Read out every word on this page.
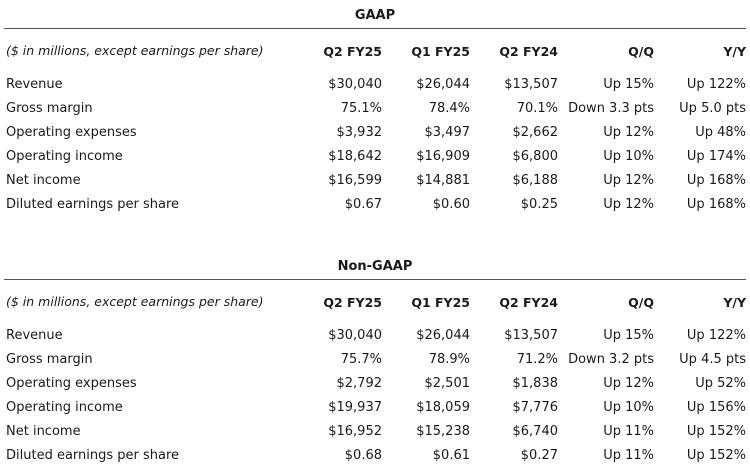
GAAP
($ in millions, except earnings per share)	Q2 FY25	Q1 FY25	Q2 FY24	Q/Q	Y/Y
Revenue	$30,040	$26,044	$13,507	Up 15%	Up 122%
Gross margin	75.1%	78.4%	70.1%	Down 3.3 pts	Up 5.0 pts
Operating expenses	$3,932	$3,497	$2,662	Up 12%	Up 48%
Operating income	$18,642	$16,909	$6,800	Up 10%	Up 174%
Net income	$16,599	$14,881	$6,188	Up 12%	Up 168%
Diluted earnings per share	$0.67	$0.60	$0.25	Up 12%	Up 168%
Non-GAAP
($ in millions, except earnings per share)	Q2 FY25	Q1 FY25	Q2 FY24	Q/Q	Y/Y
Revenue	$30,040	$26,044	$13,507	Up 15%	Up 122%
Gross margin	75.7%	78.9%	71.2%	Down 3.2 pts	Up 4.5 pts
Operating expenses	$2,792	$2,501	$1,838	Up 12%	Up 52%
Operating income	$19,937	$18,059	$7,776	Up 10%	Up 156%
Net income	$16,952	$15,238	$6,740	Up 11%	Up 152%
Diluted earnings per share	$0.68	$0.61	$0.27	Up 11%	Up 152%
